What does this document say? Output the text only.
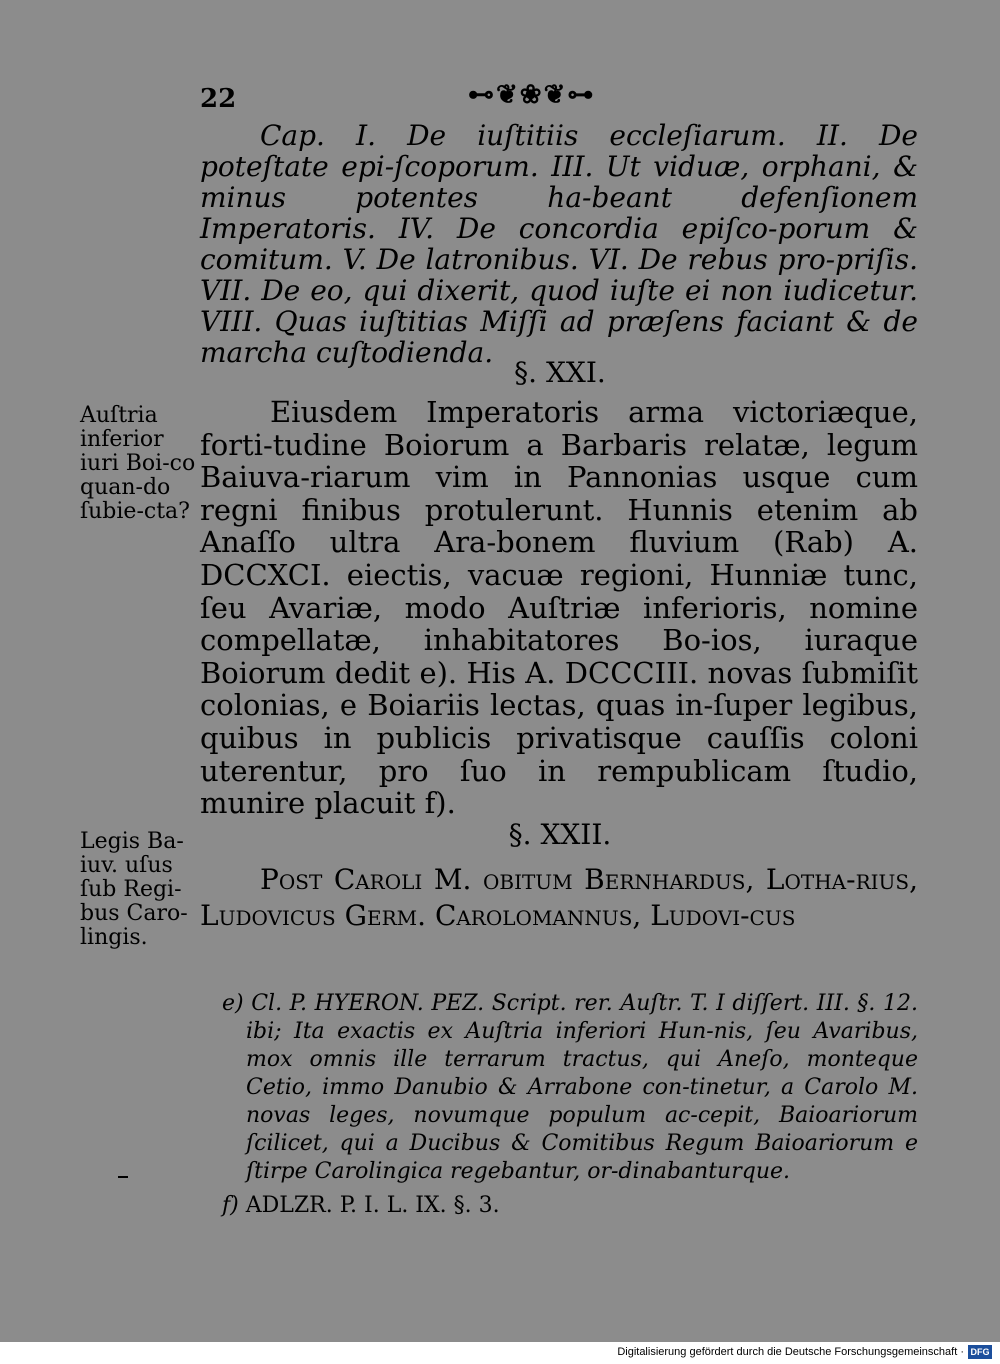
22	⊷❦❀❦⊶

Cap. I. De iuſtitiis eccleſiarum. II. De poteſtate epi-ſcoporum. III. Ut viduæ, orphani, & minus potentes ha-beant defenſionem Imperatoris. IV. De concordia epiſco-porum & comitum. V. De latronibus. VI. De rebus pro-priſis. VII. De eo, qui dixerit, quod iuſte ei non iudicetur. VIII. Quas iuſtitias Miſſi ad præſens faciant & de marcha cuſtodienda.

§. XXI.
Auſtria inferior iuri Boi-co quan-do ſubie-cta?
Eiusdem Imperatoris arma victoriæque, forti-tudine Boiorum a Barbaris relatæ, legum Baiuva-riarum vim in Pannonias usque cum regni finibus protulerunt. Hunnis etenim ab Anaſſo ultra Ara-bonem fluvium (Rab) A. DCCXCI. eiectis, vacuæ regioni, Hunniæ tunc, ſeu Avariæ, modo Auſtriæ inferioris, nomine compellatæ, inhabitatores Bo-ios, iuraque Boiorum dedit e). His A. DCCCIII. novas ſubmiſit colonias, e Boiariis lectas, quas in-ſuper legibus, quibus in publicis privatisque cauſſis coloni uterentur, pro ſuo in rempublicam ſtudio, munire placuit f).
§. XXII.
Legis Ba-iuv. uſus ſub Regi-bus Caro-lingis.
Poſt Caroli M. obitum Bernhardus, Lotha-rius, Ludovicus Germ. Carolomannus, Ludovi-cus
e) Cl. P. HYERON. PEZ. Script. rer. Auſtr. T. I diſſert. III. §. 12. ibi; Ita exactis ex Auſtria inferiori Hun-nis, ſeu Avaribus, mox omnis ille terrarum tractus, qui Aneſo, monteque Cetio, immo Danubio & Arrabone con-tinetur, a Carolo M. novas leges, novumque populum ac-cepit, Baioariorum ſcilicet, qui a Ducibus & Comitibus Regum Baioariorum e ſtirpe Carolingica regebantur, or-dinabanturque.
f) ADLZR. P. I. L. IX. §. 3.
Digitalisierung gefördert durch die Deutsche Forschungsgemeinschaft · DFG
